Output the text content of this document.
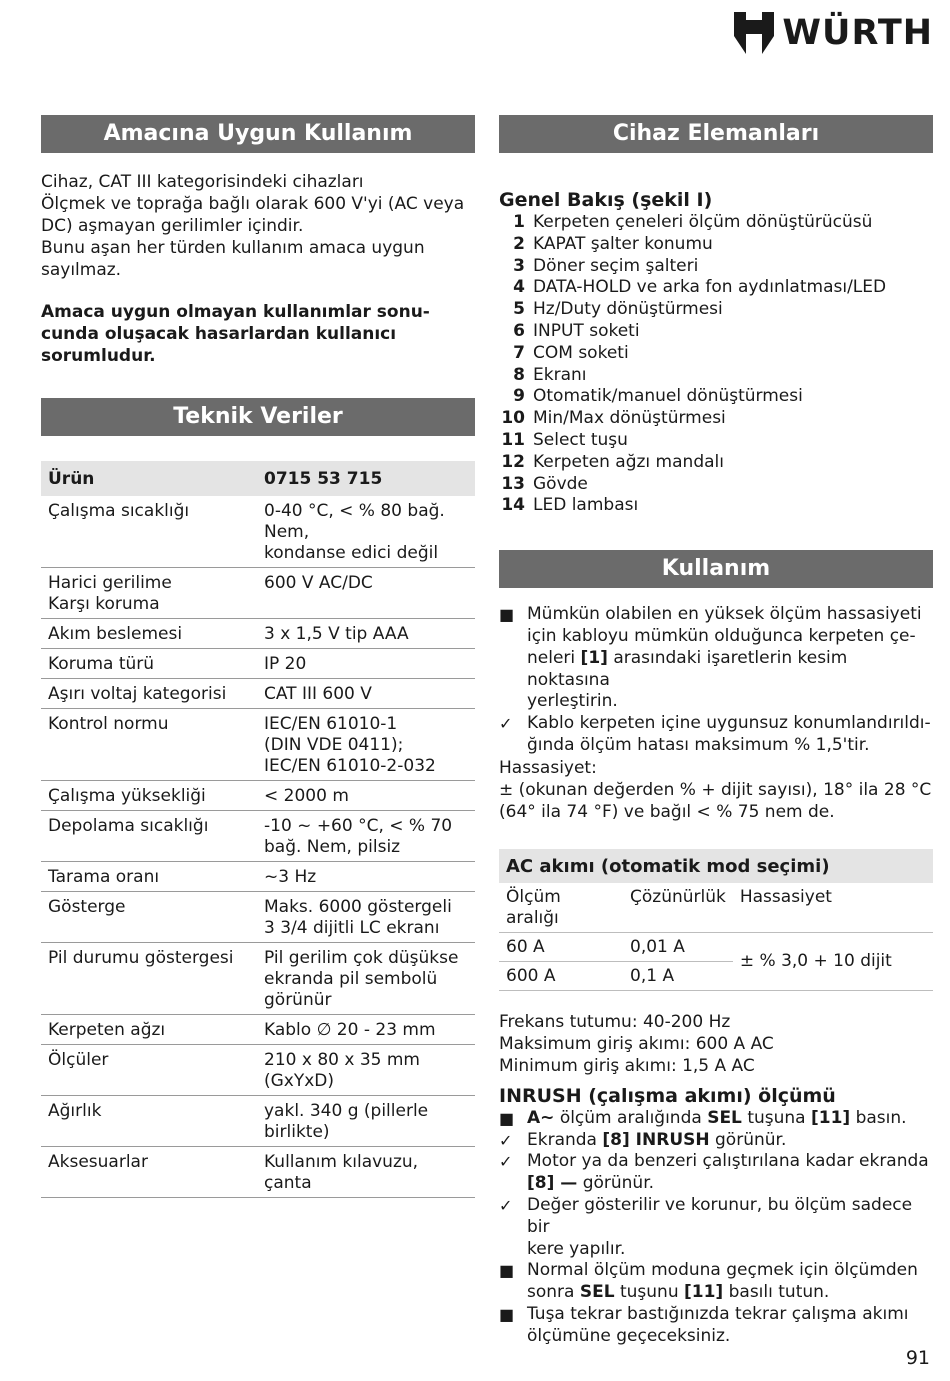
WÜRTH
Amacına Uygun Kullanım

Cihaz, CAT III kategorisindeki cihazları

Ölçmek ve toprağa bağlı olarak 600 V'yi (AC veya

DC) aşmayan gerilimler içindir.

Bunu aşan her türden kullanım amaca uygun

sayılmaz.

Amaca uygun olmayan kullanımlar sonu-

cunda oluşacak hasarlardan kullanıcı

sorumludur.

Teknik Veriler
Ürün	0715 53 715

Çalışma sıcaklığı	0-40 °C, < % 80 bağ.
Nem,
kondanse edici değil

Harici gerilime
Karşı koruma	600 V AC/DC

Akım beslemesi	3 x 1,5 V tip AAA

Koruma türü	IP 20

Aşırı voltaj kategorisi	CAT III 600 V

Kontrol normu	IEC/EN 61010-1
(DIN VDE 0411);
IEC/EN 61010-2-032

Çalışma yüksekliği	< 2000 m

Depolama sıcaklığı	-10 ~ +60 °C, < % 70
bağ. Nem, pilsiz

Tarama oranı	~3 Hz

Gösterge	Maks. 6000 göstergeli
3 3/4 dijitli LC ekranı

Pil durumu göstergesi	Pil gerilim çok düşükse
ekranda pil sembolü
görünür

Kerpeten ağzı	Kablo ∅ 20 - 23 mm

Ölçüler	210 x 80 x 35 mm
(GxYxD)

Ağırlık	yakl. 340 g (pillerle
birlikte)

Aksesuarlar	Kullanım kılavuzu, çanta
Cihaz Elemanları
Genel Bakış (şekil I)
1 Kerpeten çeneleri ölçüm dönüştürücüsü
2 KAPAT şalter konumu
3 Döner seçim şalteri
4 DATA-HOLD ve arka fon aydınlatması/LED
5 Hz/Duty dönüştürmesi
6 INPUT soketi
7 COM soketi
8 Ekranı
9 Otomatik/manuel dönüştürmesi
10 Min/Max dönüştürmesi
11 Select tuşu
12 Kerpeten ağzı mandalı
13 Gövde
14 LED lambası
Kullanım
■ Mümkün olabilen en yüksek ölçüm hassasiyeti
için kabloyu mümkün olduğunca kerpeten çe-
neleri [1] arasındaki işaretlerin kesim noktasına
yerleştirin.
✓ Kablo kerpeten içine uygunsuz konumlandırıldı-
ğında ölçüm hatası maksimum % 1,5'tir.

Hassasiyet:

± (okunan değerden % + dijit sayısı), 18° ila 28 °C

(64° ila 74 °F) ve bağıl < % 75 nem de.

AC akımı (otomatik mod seçimi)		

Ölçüm
aralığı	Çözünürlük	Hassasiyet
60 A	0,01 A	± % 3,0 + 10 dijit
600 A	0,1 A	

Frekans tutumu: 40-200 Hz

Maksimum giriş akımı: 600 A AC

Minimum giriş akımı: 1,5 A AC

INRUSH (çalışma akımı) ölçümü
■ A~ ölçüm aralığında SEL tuşuna [11] basın.
✓ Ekranda [8] INRUSH görünür.
✓ Motor ya da benzeri çalıştırılana kadar ekranda
[8] — görünür.
✓ Değer gösterilir ve korunur, bu ölçüm sadece bir
kere yapılır.
■ Normal ölçüm moduna geçmek için ölçümden
sonra SEL tuşunu [11] basılı tutun.
■ Tuşa tekrar bastığınızda tekrar çalışma akımı
ölçümüne geçeceksiniz.
91
